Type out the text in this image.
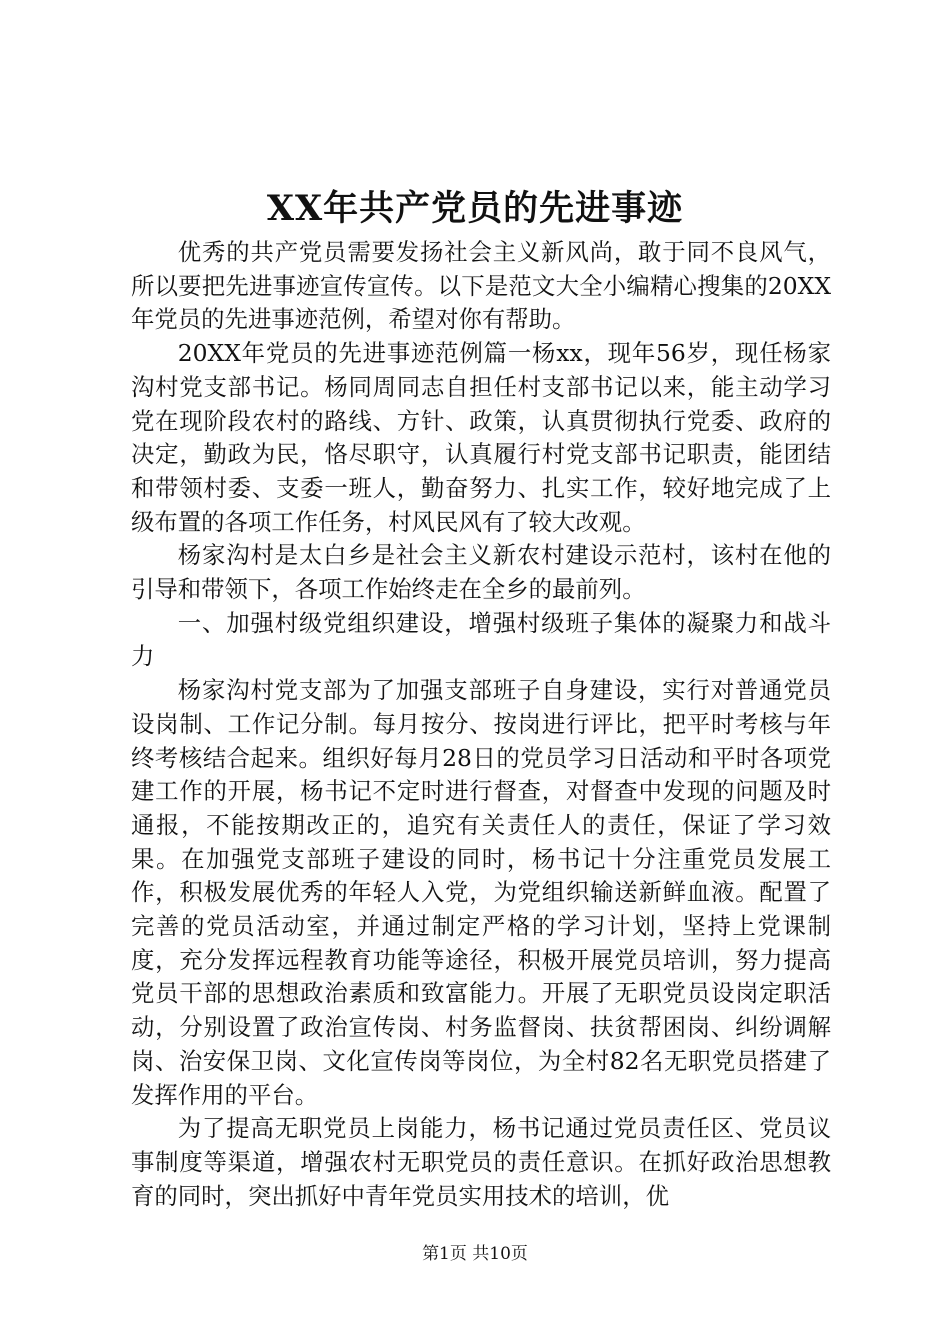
XX年共产党员的先进事迹

优秀的共产党员需要发扬社会主义新风尚，敢于同不良风气，所以要把先进事迹宣传宣传。以下是范文大全小编精心搜集的20XX年党员的先进事迹范例，希望对你有帮助。

20XX年党员的先进事迹范例篇一杨xx，现年56岁，现任杨家沟村党支部书记。杨同周同志自担任村支部书记以来，能主动学习党在现阶段农村的路线、方针、政策，认真贯彻执行党委、政府的决定，勤政为民，恪尽职守，认真履行村党支部书记职责，能团结和带领村委、支委一班人，勤奋努力、扎实工作，较好地完成了上级布置的各项工作任务，村风民风有了较大改观。

杨家沟村是太白乡是社会主义新农村建设示范村，该村在他的引导和带领下，各项工作始终走在全乡的最前列。

一、加强村级党组织建设，增强村级班子集体的凝聚力和战斗力

杨家沟村党支部为了加强支部班子自身建设，实行对普通党员设岗制、工作记分制。每月按分、按岗进行评比，把平时考核与年终考核结合起来。组织好每月28日的党员学习日活动和平时各项党建工作的开展，杨书记不定时进行督查，对督查中发现的问题及时通报，不能按期改正的，追究有关责任人的责任，保证了学习效果。在加强党支部班子建设的同时，杨书记十分注重党员发展工作，积极发展优秀的年轻人入党，为党组织输送新鲜血液。配置了完善的党员活动室，并通过制定严格的学习计划，坚持上党课制度，充分发挥远程教育功能等途径，积极开展党员培训，努力提高党员干部的思想政治素质和致富能力。开展了无职党员设岗定职活动，分别设置了政治宣传岗、村务监督岗、扶贫帮困岗、纠纷调解岗、治安保卫岗、文化宣传岗等岗位，为全村82名无职党员搭建了发挥作用的平台。

为了提高无职党员上岗能力，杨书记通过党员责任区、党员议事制度等渠道，增强农村无职党员的责任意识。在抓好政治思想教育的同时，突出抓好中青年党员实用技术的培训，优

第1页 共10页
